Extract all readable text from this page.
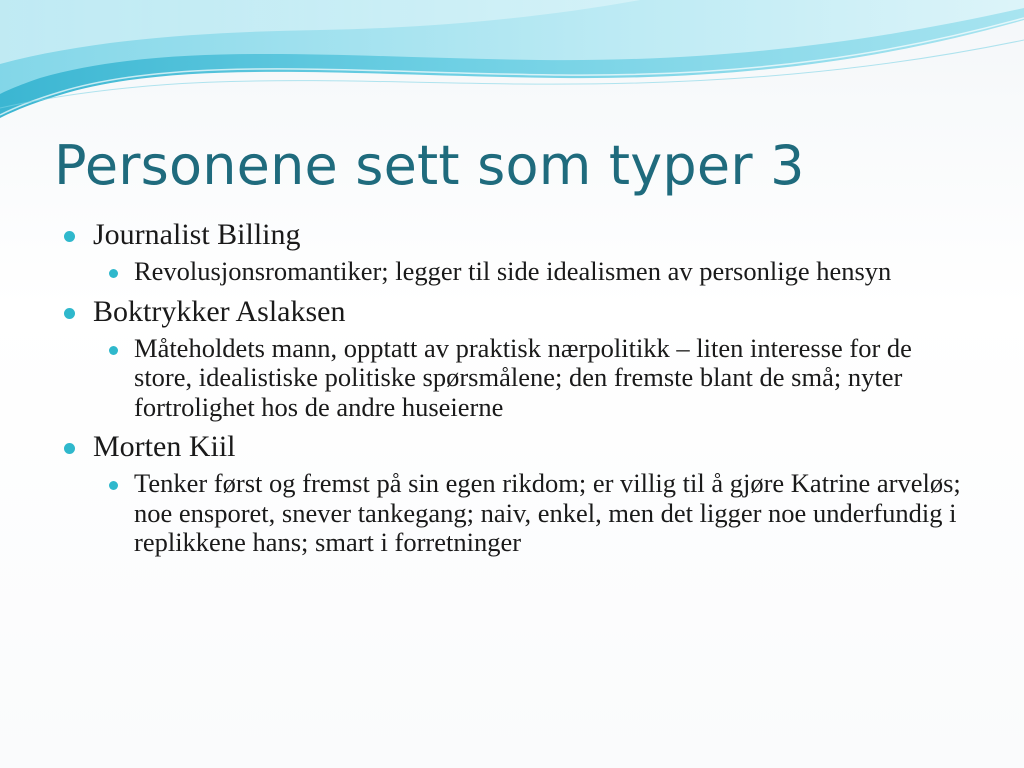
Personene sett som typer 3
Journalist Billing
Revolusjonsromantiker; legger til side idealismen av personlige hensyn
Boktrykker Aslaksen
Måteholdets mann, opptatt av praktisk nærpolitikk – liten interesse for de store, idealistiske politiske spørsmålene; den fremste blant de små; nyter fortrolighet hos de andre huseierne
Morten Kiil
Tenker først og fremst på sin egen rikdom; er villig til å gjøre Katrine arveløs; noe ensporet, snever tankegang; naiv, enkel, men det ligger noe underfundig i replikkene hans; smart i forretninger
